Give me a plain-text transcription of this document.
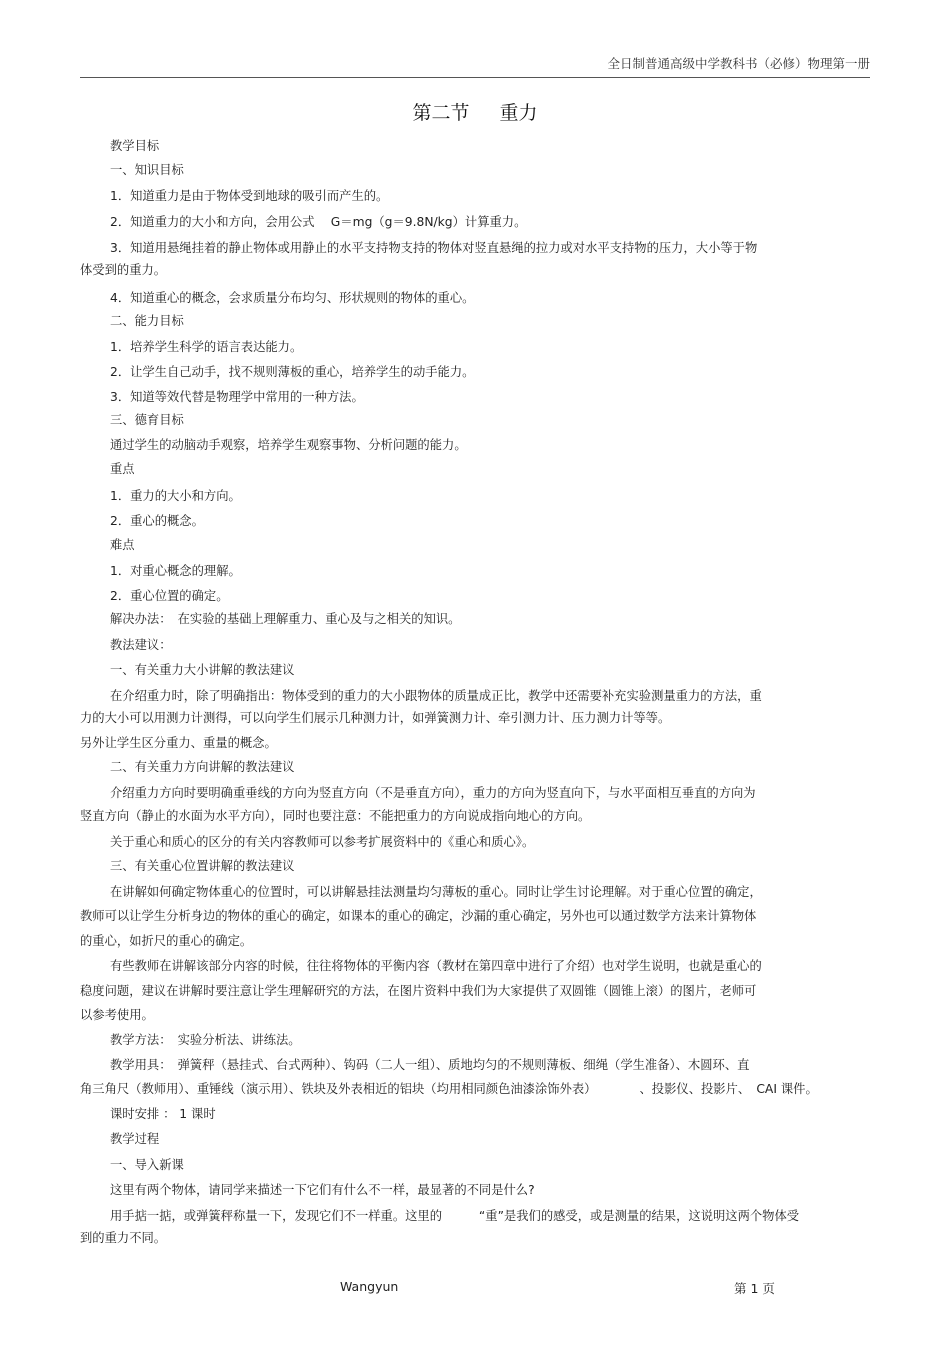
全日制普通高级中学教科书（必修）物理第一册
第二节 重力
教学目标
一、知识目标
1．知道重力是由于物体受到地球的吸引而产生的。
2．知道重力的大小和方向，会用公式　 G＝mg（g＝9.8N/kg）计算重力。
3．知道用悬绳挂着的静止物体或用静止的水平支持物支持的物体对竖直悬绳的拉力或对水平支持物的压力，大小等于物
体受到的重力。
4．知道重心的概念，会求质量分布均匀、形状规则的物体的重心。
二、能力目标
1．培养学生科学的语言表达能力。
2．让学生自己动手，找不规则薄板的重心，培养学生的动手能力。
3．知道等效代替是物理学中常用的一种方法。
三、德育目标
通过学生的动脑动手观察，培养学生观察事物、分析问题的能力。
重点
1．重力的大小和方向。
2．重心的概念。
难点
1．对重心概念的理解。
2．重心位置的确定。
解决办法：　在实验的基础上理解重力、重心及与之相关的知识。
教法建议：
一、有关重力大小讲解的教法建议
在介绍重力时，除了明确指出：物体受到的重力的大小跟物体的质量成正比，教学中还需要补充实验测量重力的方法，重
力的大小可以用测力计测得，可以向学生们展示几种测力计，如弹簧测力计、牵引测力计、压力测力计等等。
另外让学生区分重力、重量的概念。
二、有关重力方向讲解的教法建议
介绍重力方向时要明确重垂线的方向为竖直方向（不是垂直方向），重力的方向为竖直向下，与水平面相互垂直的方向为
竖直方向（静止的水面为水平方向），同时也要注意：不能把重力的方向说成指向地心的方向。
关于重心和质心的区分的有关内容教师可以参考扩展资料中的《重心和质心》。
三、有关重心位置讲解的教法建议
在讲解如何确定物体重心的位置时，可以讲解悬挂法测量均匀薄板的重心。同时让学生讨论理解。对于重心位置的确定，
教师可以让学生分析身边的物体的重心的确定，如课本的重心的确定，沙漏的重心确定，另外也可以通过数学方法来计算物体
的重心，如折尺的重心的确定。
有些教师在讲解该部分内容的时候，往往将物体的平衡内容（教材在第四章中进行了介绍）也对学生说明，也就是重心的
稳度问题，建议在讲解时要注意让学生理解研究的方法，在图片资料中我们为大家提供了双圆锥（圆锥上滚）的图片，老师可
以参考使用。
教学方法：　实验分析法、讲练法。
教学用具：　弹簧秤（悬挂式、台式两种）、钩码（二人一组）、质地均匀的不规则薄板、细绳（学生准备）、木圆环、直
角三角尺（教师用）、重锤线（演示用）、铁块及外表相近的铝块（均用相同颜色油漆涂饰外表）　　　　、投影仪、投影片、　CAI 课件。
课时安排 ： 1 课时
教学过程
一、导入新课
这里有两个物体，请同学来描述一下它们有什么不一样，最显著的不同是什么?
用手掂一掂，或弹簧秤称量一下，发现它们不一样重。这里的　　　“重”是我们的感受，或是测量的结果，这说明这两个物体受
到的重力不同。
Wangyun	第 1 页
